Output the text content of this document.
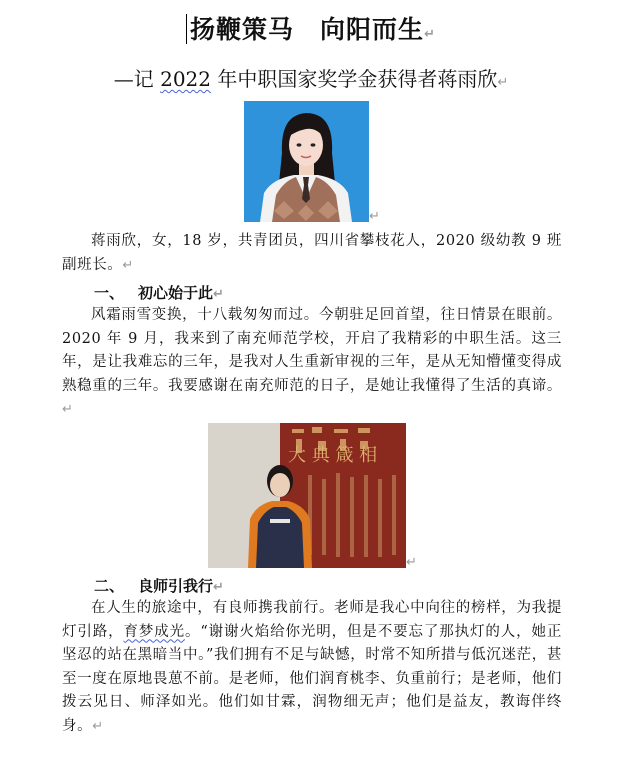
扬鞭策马 向阳而生↵
—记 2022 年中职国家奖学金获得者蒋雨欣↵
↵

蒋雨欣，女，18 岁，共青团员，四川省攀枝花人，2020 级幼教 9 班副班长。↵

一、 初心始于此↵

风霜雨雪变换，十八载匆匆而过。今朝驻足回首望，往日情景在眼前。2020 年 9 月，我来到了南充师范学校，开启了我精彩的中职生活。这三年，是让我难忘的三年，是我对人生重新审视的三年，是从无知懵懂变得成熟稳重的三年。我要感谢在南充师范的日子，是她让我懂得了生活的真谛。↵

大 典 箴 相
↵
二、 良师引我行↵

在人生的旅途中，有良师携我前行。老师是我心中向往的榜样，为我提灯引路，育梦成光。“谢谢火焰给你光明，但是不要忘了那执灯的人，她正坚忍的站在黑暗当中。”我们拥有不足与缺憾，时常不知所措与低沉迷茫，甚至一度在原地畏葸不前。是老师，他们润育桃李、负重前行；是老师，他们拨云见日、师泽如光。他们如甘霖，润物细无声；他们是益友，教诲伴终身。↵
